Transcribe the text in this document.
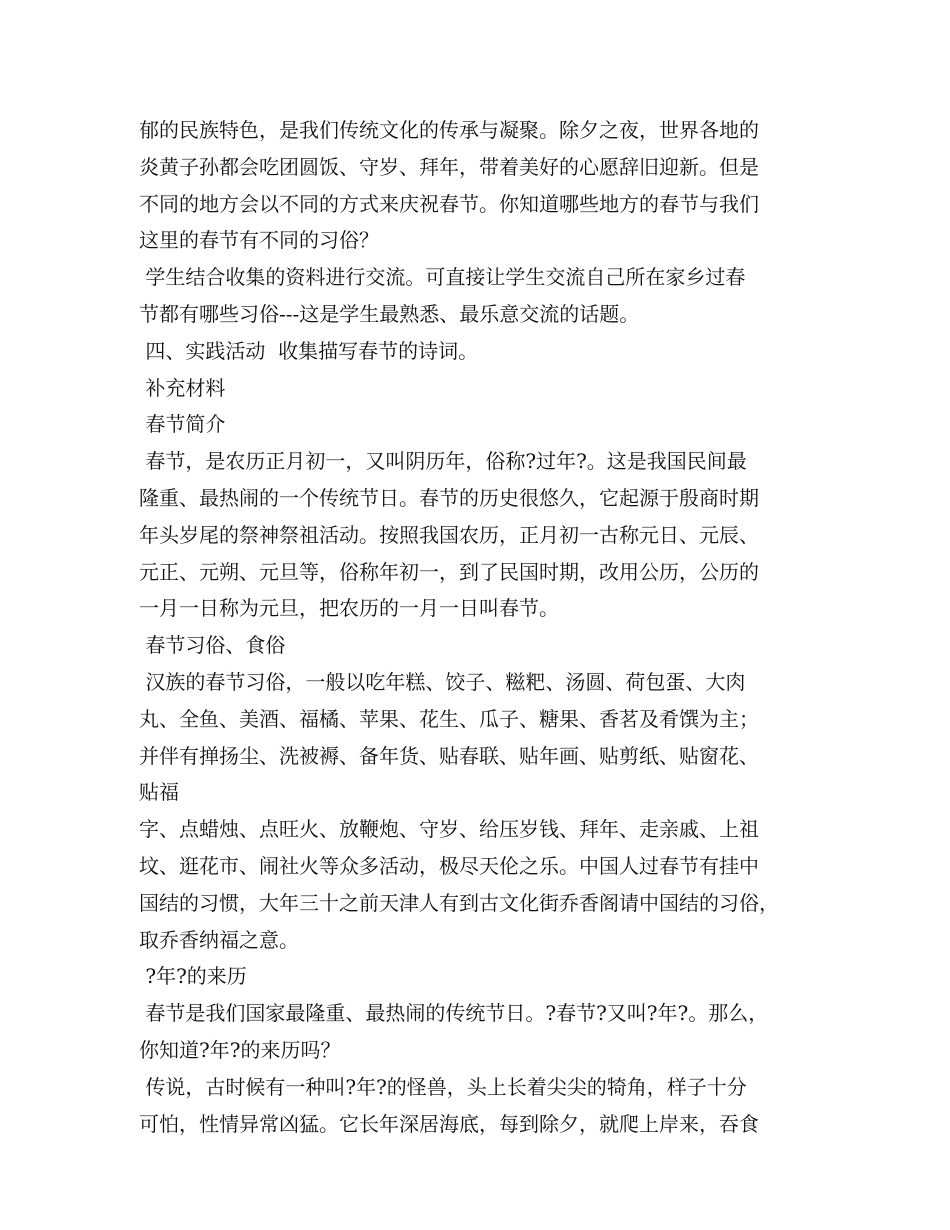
郁的民族特色，是我们传统文化的传承与凝聚。除夕之夜，世界各地的
炎黄子孙都会吃团圆饭、守岁、拜年，带着美好的心愿辞旧迎新。但是
不同的地方会以不同的方式来庆祝春节。你知道哪些地方的春节与我们
这里的春节有不同的习俗？
学生结合收集的资料进行交流。可直接让学生交流自己所在家乡过春
节都有哪些习俗---这是学生最熟悉、最乐意交流的话题。
四、实践活动  收集描写春节的诗词。
补充材料
春节简介
春节，是农历正月初一，又叫阴历年，俗称?过年?。这是我国民间最
隆重、最热闹的一个传统节日。春节的历史很悠久，它起源于殷商时期
年头岁尾的祭神祭祖活动。按照我国农历，正月初一古称元日、元辰、
元正、元朔、元旦等，俗称年初一，到了民国时期，改用公历，公历的
一月一日称为元旦，把农历的一月一日叫春节。
春节习俗、食俗
汉族的春节习俗，一般以吃年糕、饺子、糍粑、汤圆、荷包蛋、大肉
丸、全鱼、美酒、福橘、苹果、花生、瓜子、糖果、香茗及肴馔为主；
并伴有掸扬尘、洗被褥、备年货、贴春联、贴年画、贴剪纸、贴窗花、
贴福
字、点蜡烛、点旺火、放鞭炮、守岁、给压岁钱、拜年、走亲戚、上祖
坟、逛花市、闹社火等众多活动，极尽天伦之乐。中国人过春节有挂中
国结的习惯，大年三十之前天津人有到古文化街乔香阁请中国结的习俗，
取乔香纳福之意。
?年?的来历
春节是我们国家最隆重、最热闹的传统节日。?春节?又叫?年?。那么，
你知道?年?的来历吗？
传说，古时候有一种叫?年?的怪兽，头上长着尖尖的犄角，样子十分
可怕，性情异常凶猛。它长年深居海底，每到除夕，就爬上岸来，吞食
